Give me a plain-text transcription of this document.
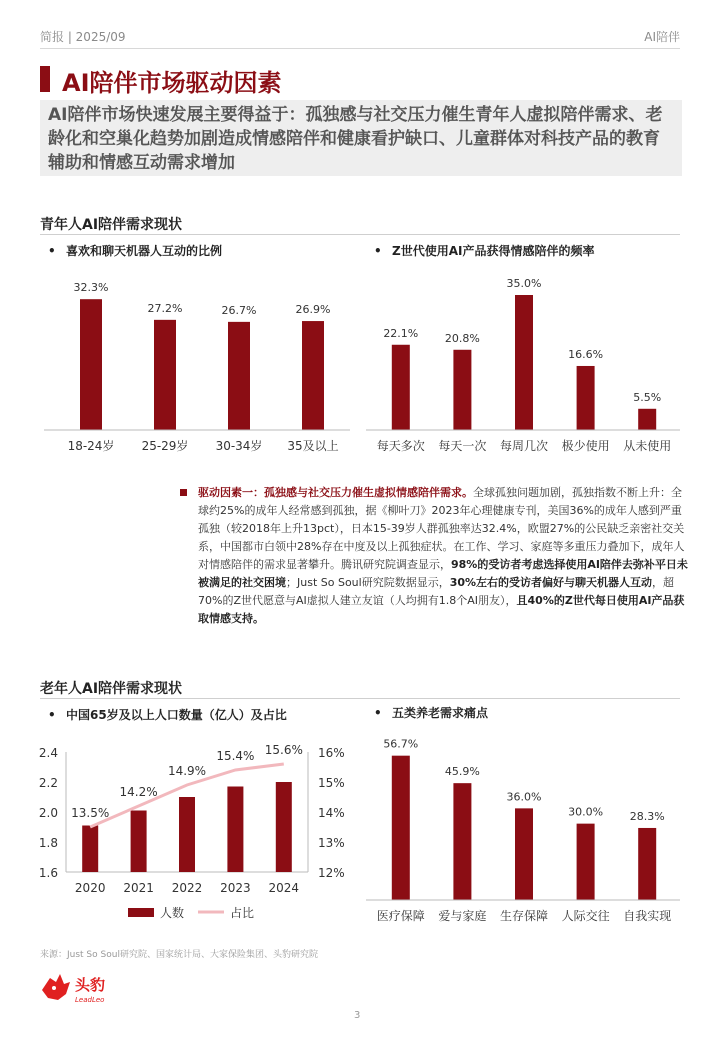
简报 | 2025/09	AI陪伴
AI陪伴市场驱动因素
AI陪伴市场快速发展主要得益于：孤独感与社交压力催生青年人虚拟陪伴需求、老龄化和空巢化趋势加剧造成情感陪伴和健康看护缺口、儿童群体对科技产品的教育辅助和情感互动需求增加
青年人AI陪伴需求现状
• 喜欢和聊天机器人互动的比例
32.3%
18-24岁
27.2%
25-29岁
26.7%
30-34岁
26.9%
35及以上
• Z世代使用AI产品获得情感陪伴的频率
22.1%
每天多次
20.8%
每天一次
35.0%
每周几次
16.6%
极少使用
5.5%
从未使用
驱动因素一：孤独感与社交压力催生虚拟情感陪伴需求。全球孤独问题加剧，孤独指数不断上升：全球约25%的成年人经常感到孤独，据《柳叶刀》2023年心理健康专刊，美国36%的成年人感到严重孤独（较2018年上升13pct），日本15-39岁人群孤独率达32.4%，欧盟27%的公民缺乏亲密社交关系，中国都市白领中28%存在中度及以上孤独症状。在工作、学习、家庭等多重压力叠加下，成年人对情感陪伴的需求显著攀升。腾讯研究院调查显示，98%的受访者考虑选择使用AI陪伴去弥补平日未被满足的社交困境；Just So Soul研究院数据显示，30%左右的受访者偏好与聊天机器人互动，超70%的Z世代愿意与AI虚拟人建立友谊（人均拥有1.8个AI朋友），且40%的Z世代每日使用AI产品获取情感支持。
老年人AI陪伴需求现状
• 中国65岁及以上人口数量（亿人）及占比
1.6
1.8
2.0
2.2
2.4
12%
13%
14%
15%
16%
2020 2021 2022 2023 2024
13.5%
14.2%
14.9%
15.4% 15.6%
人数	占比
• 五类养老需求痛点
56.7%
医疗保障
45.9%
爱与家庭
36.0%
生存保障
30.0%
人际交往
28.3%
自我实现
来源：Just So Soul研究院、国家统计局、大家保险集团、头豹研究院
头豹
LeadLeo
3
